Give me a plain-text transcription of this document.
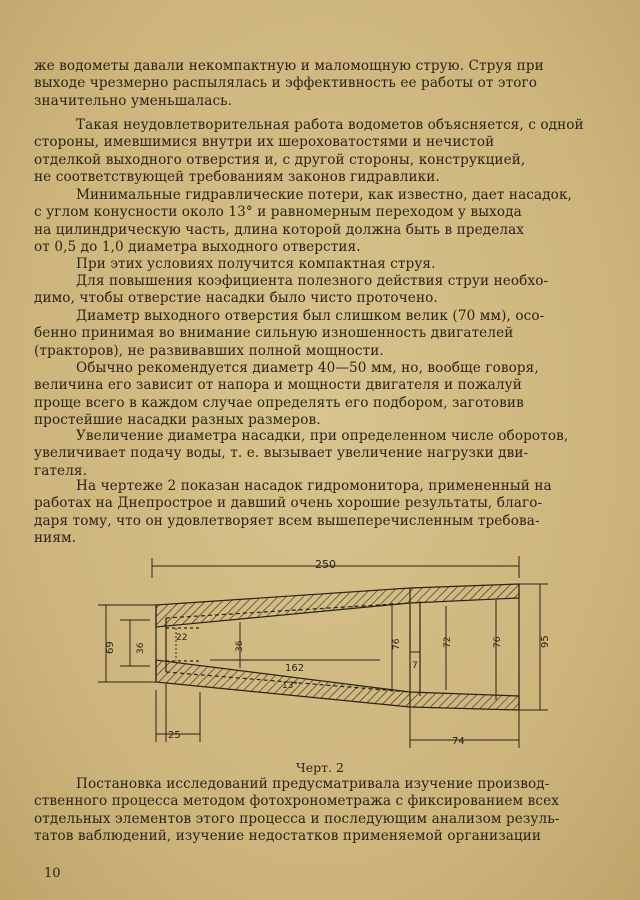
же водометы давали некомпактную и маломощную струю. Струя при
выходе чрезмерно распылялась и эффективность ее работы от этого
значительно уменьшалась.
Такая неудовлетворительная работа водометов объясняется, с одной
стороны, имевшимися внутри их шероховатостями и нечистой
отделкой выходного отверстия и, с другой стороны, конструкцией,
не соответствующей требованиям законов гидравлики.
Минимальные гидравлические потери, как известно, дает насадок,
с углом конусности около 13° и равномерным переходом у выхода
на цилиндрическую часть, длина которой должна быть в пределах
от 0,5 до 1,0 диаметра выходного отверстия.
При этих условиях получится компактная струя.
Для повышения коэфициента полезного действия струи необхо-
димо, чтобы отверстие насадки было чисто проточено.
Диаметр выходного отверстия был слишком велик (70 мм), осо-
бенно принимая во внимание сильную изношенность двигателей
(тракторов), не развивавших полной мощности.
Обычно рекомендуется диаметр 40—50 мм, но, вообще говоря,
величина его зависит от напора и мощности двигателя и пожалуй
проще всего в каждом случае определять его подбором, заготовив
простейшие насадки разных размеров.
Увеличение диаметра насадки, при определенном числе оборотов,
увеличивает подачу воды, т. е. вызывает увеличение нагрузки дви-
гателя.
На чертеже 2 показан насадок гидромонитора, примененный на
работах на Днепрострое и давший очень хорошие результаты, благо-
даря тому, что он удовлетворяет всем вышеперечисленным требова-
ниям.
250
69 36
22
36
162
13°
76
7
72	76	95
25
74
Черт. 2
Постановка исследований предусматривала изучение производ-
ственного процесса методом фотохронометража с фиксированием всех
отдельных элементов этого процесса и последующим анализом резуль-
татов ваблюдений, изучение недостатков применяемой организации
10
